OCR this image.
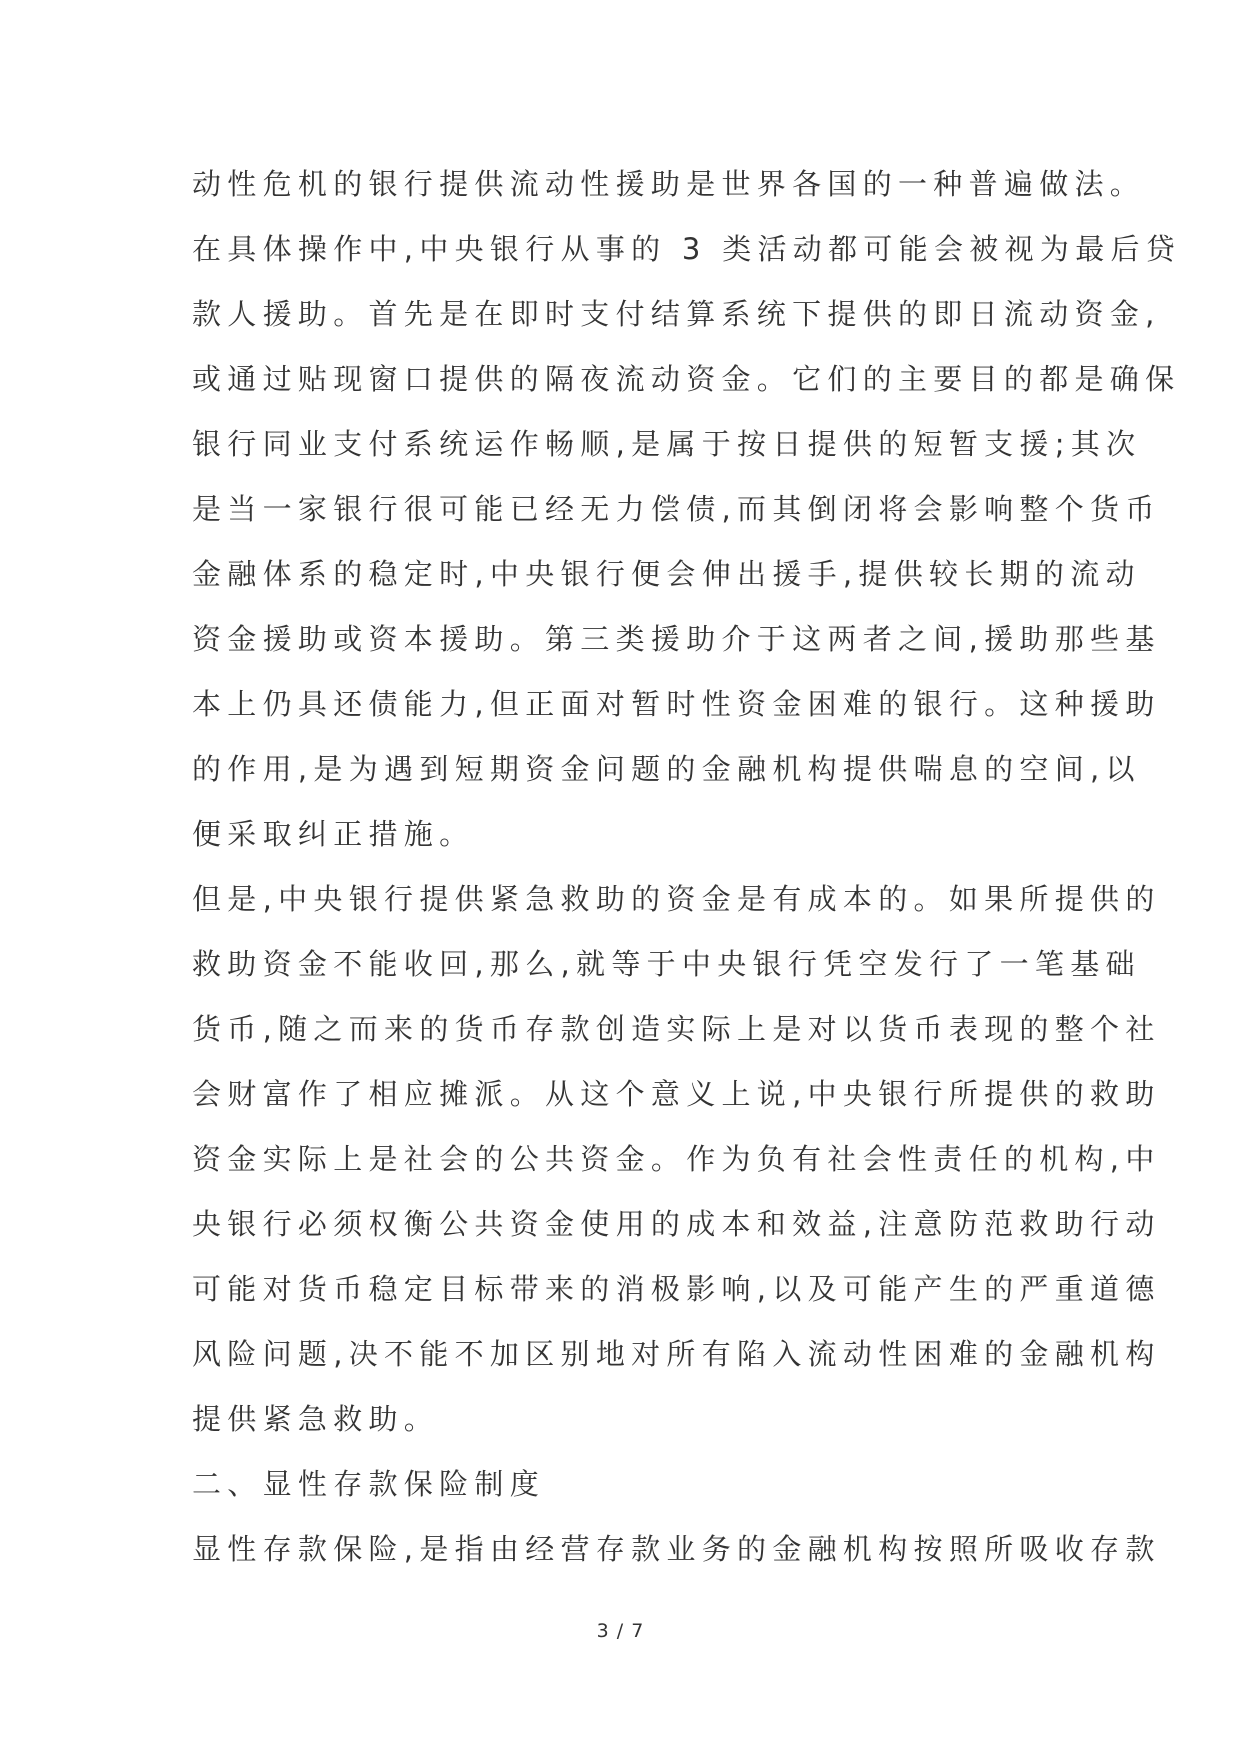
动性危机的银行提供流动性援助是世界各国的一种普遍做法。
在具体操作中,中央银行从事的 3 类活动都可能会被视为最后贷
款人援助。首先是在即时支付结算系统下提供的即日流动资金,
或通过贴现窗口提供的隔夜流动资金。它们的主要目的都是确保
银行同业支付系统运作畅顺,是属于按日提供的短暂支援;其次
是当一家银行很可能已经无力偿债,而其倒闭将会影响整个货币
金融体系的稳定时,中央银行便会伸出援手,提供较长期的流动
资金援助或资本援助。第三类援助介于这两者之间,援助那些基
本上仍具还债能力,但正面对暂时性资金困难的银行。这种援助
的作用,是为遇到短期资金问题的金融机构提供喘息的空间,以
便采取纠正措施。
但是,中央银行提供紧急救助的资金是有成本的。如果所提供的
救助资金不能收回,那么,就等于中央银行凭空发行了一笔基础
货币,随之而来的货币存款创造实际上是对以货币表现的整个社
会财富作了相应摊派。从这个意义上说,中央银行所提供的救助
资金实际上是社会的公共资金。作为负有社会性责任的机构,中
央银行必须权衡公共资金使用的成本和效益,注意防范救助行动
可能对货币稳定目标带来的消极影响,以及可能产生的严重道德
风险问题,决不能不加区别地对所有陷入流动性困难的金融机构
提供紧急救助。
二、显性存款保险制度
显性存款保险,是指由经营存款业务的金融机构按照所吸收存款
3 / 7
